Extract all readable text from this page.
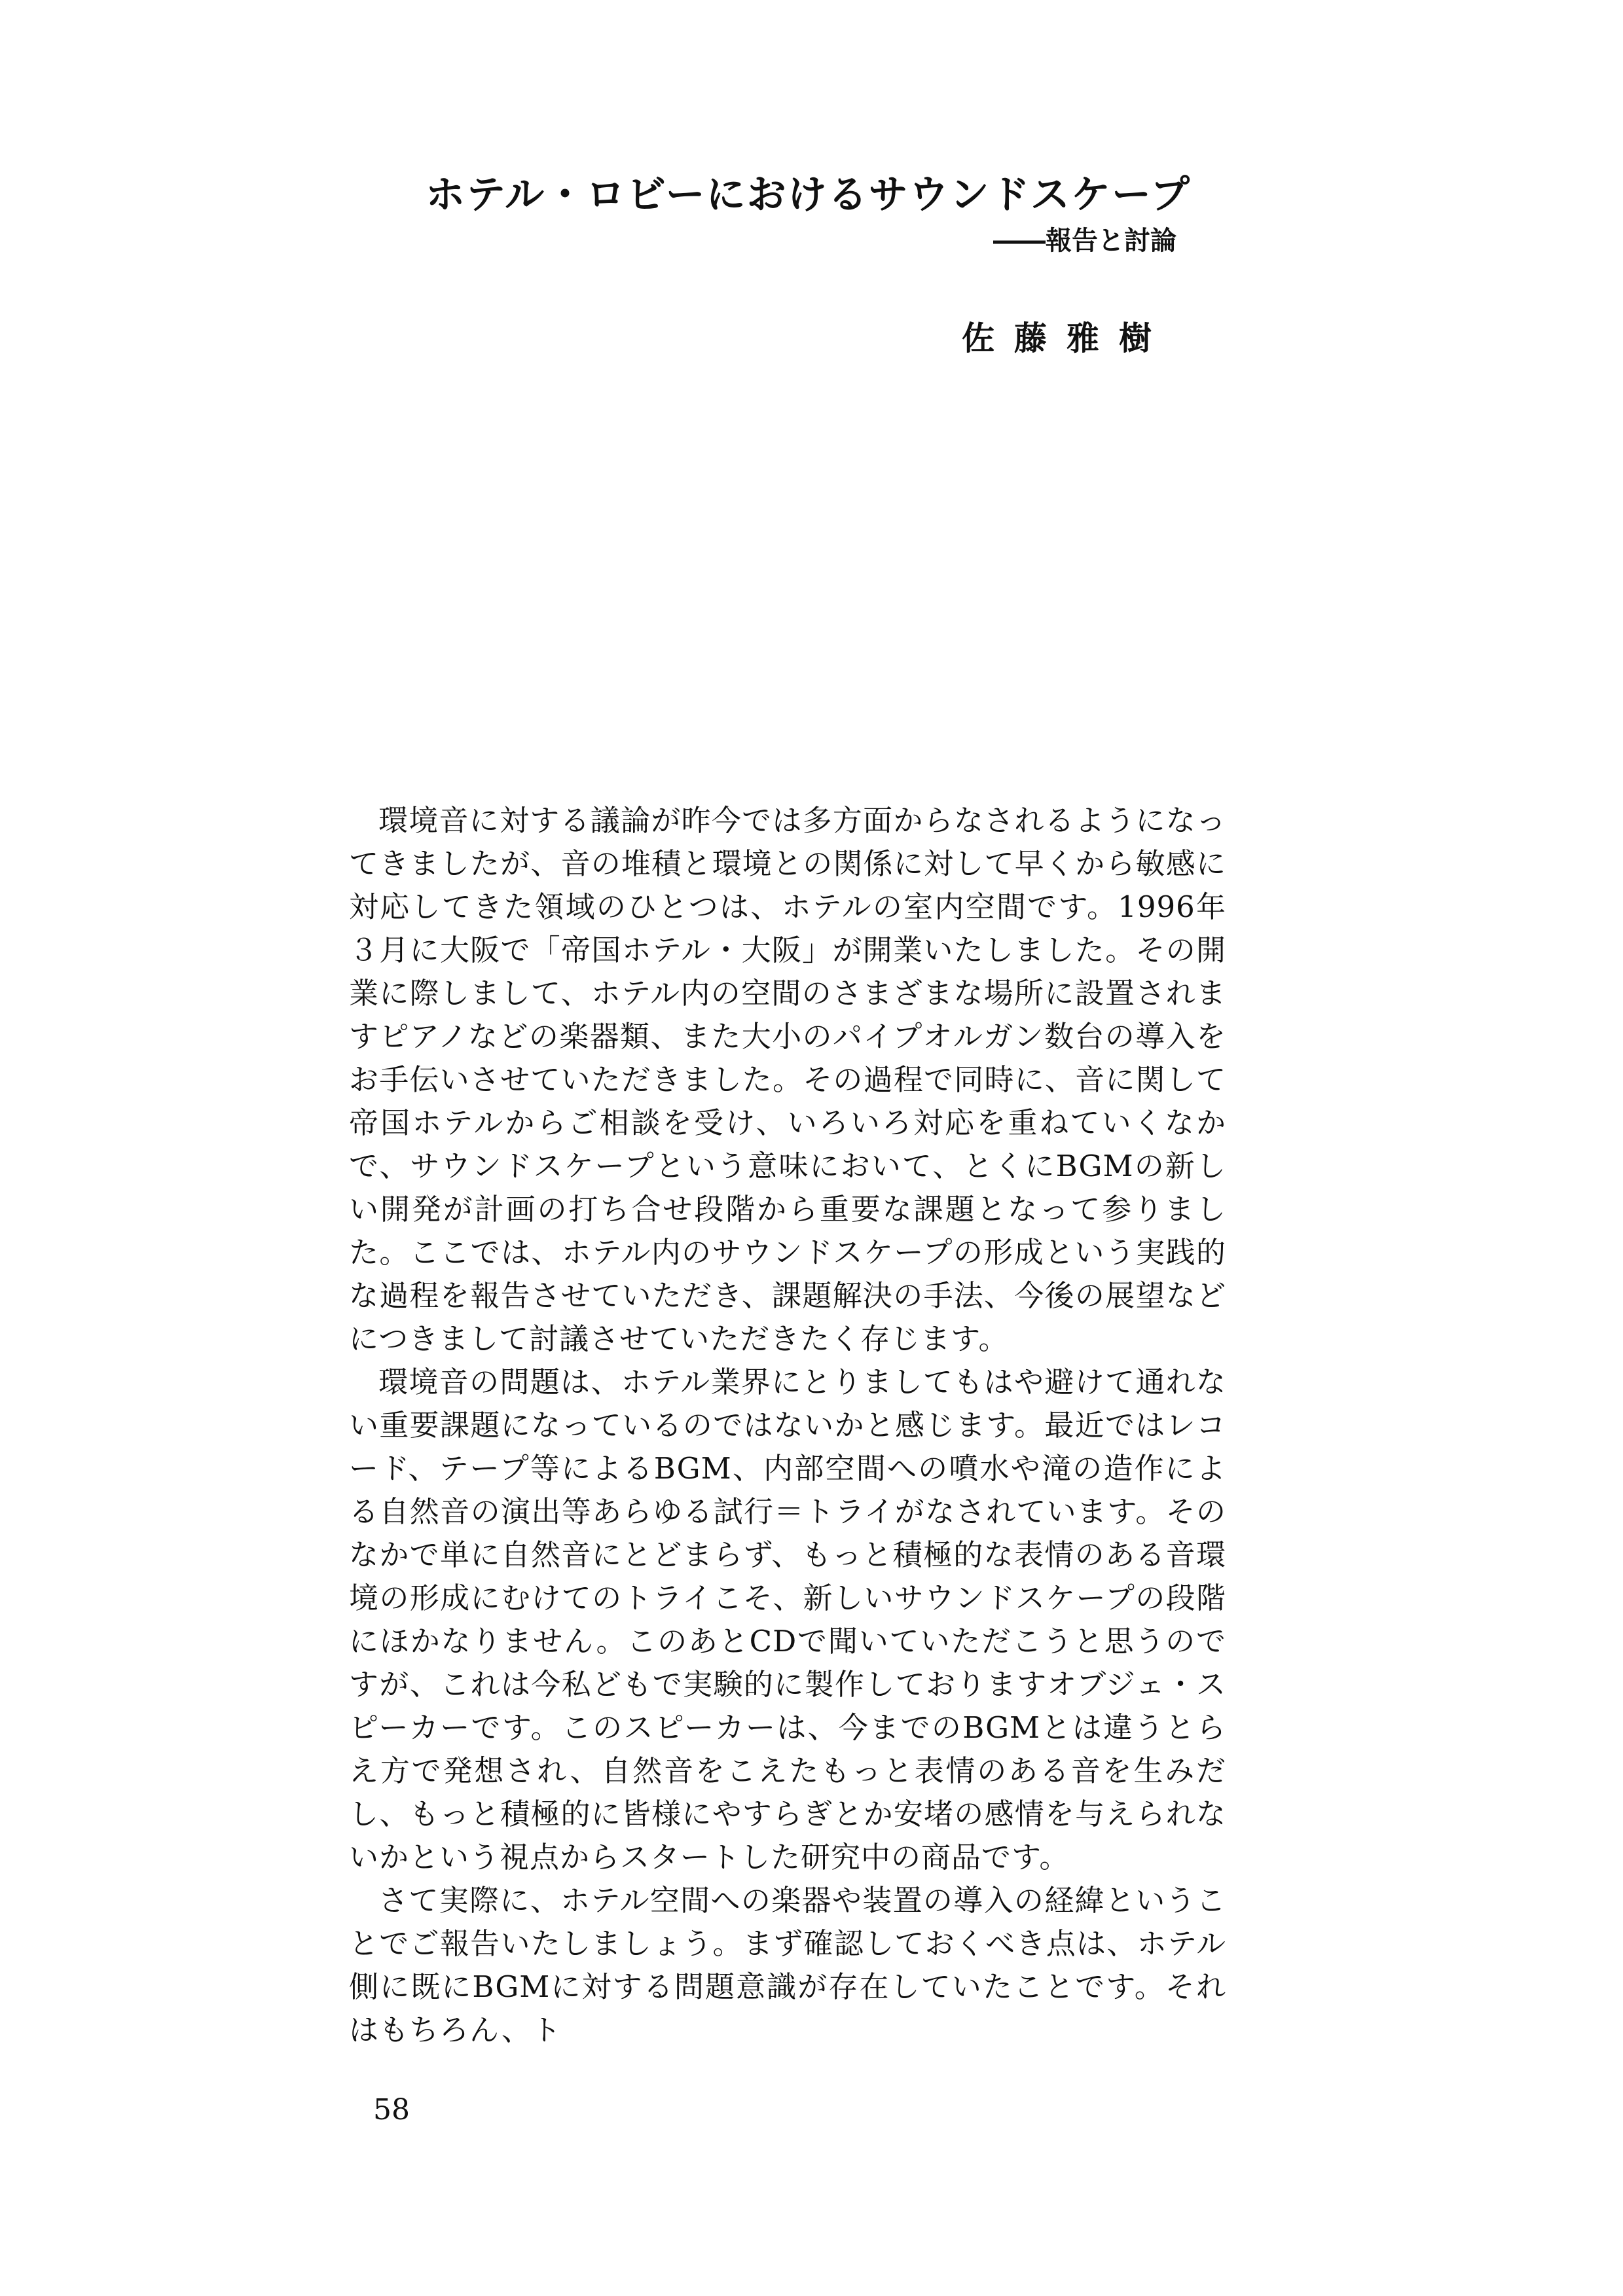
ホテル・ロビーにおけるサウンドスケープ
――報告と討論
佐藤雅樹

環境音に対する議論が昨今では多方面からなされるようになってきましたが、音の堆積と環境との関係に対して早くから敏感に対応してきた領域のひとつは、ホテルの室内空間です。1996年３月に大阪で「帝国ホテル・大阪」が開業いたしました。その開業に際しまして、ホテル内の空間のさまざまな場所に設置されますピアノなどの楽器類、また大小のパイプオルガン数台の導入をお手伝いさせていただきました。その過程で同時に、音に関して帝国ホテルからご相談を受け、いろいろ対応を重ねていくなかで、サウンドスケープという意味において、とくにBGMの新しい開発が計画の打ち合せ段階から重要な課題となって参りました。ここでは、ホテル内のサウンドスケープの形成という実践的な過程を報告させていただき、課題解決の手法、今後の展望などにつきまして討議させていただきたく存じます。

環境音の問題は、ホテル業界にとりましてもはや避けて通れない重要課題になっているのではないかと感じます。最近ではレコード、テープ等によるBGM、内部空間への噴水や滝の造作による自然音の演出等あらゆる試行＝トライがなされています。そのなかで単に自然音にとどまらず、もっと積極的な表情のある音環境の形成にむけてのトライこそ、新しいサウンドスケープの段階にほかなりません。このあとCDで聞いていただこうと思うのですが、これは今私どもで実験的に製作しておりますオブジェ・スピーカーです。このスピーカーは、今までのBGMとは違うとらえ方で発想され、自然音をこえたもっと表情のある音を生みだし、もっと積極的に皆様にやすらぎとか安堵の感情を与えられないかという視点からスタートした研究中の商品です。

さて実際に、ホテル空間への楽器や装置の導入の経緯ということでご報告いたしましょう。まず確認しておくべき点は、ホテル側に既にBGMに対する問題意識が存在していたことです。それはもちろん、ト

58
